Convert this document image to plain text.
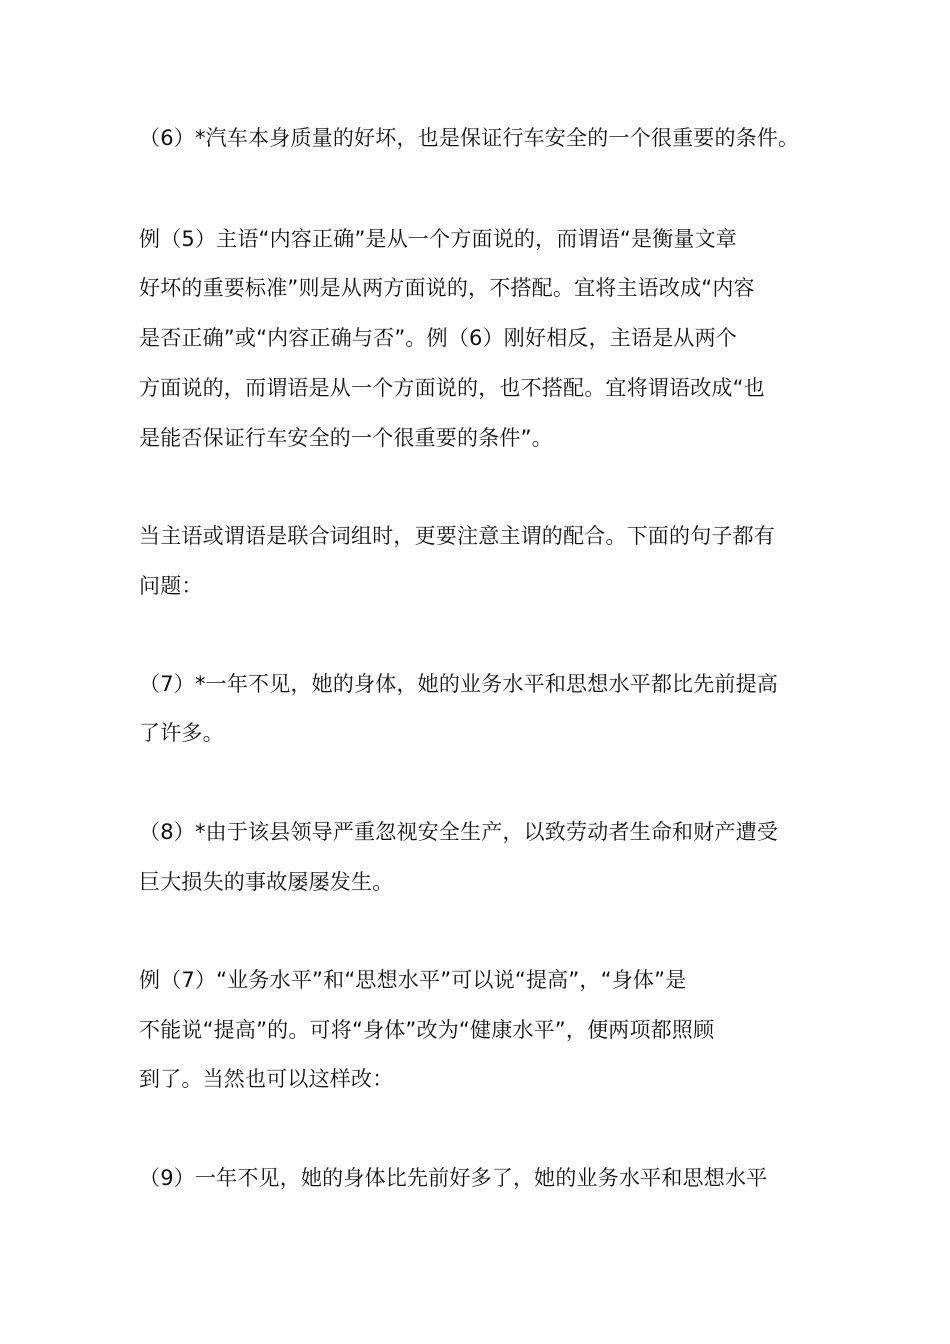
（6）*汽车本身质量的好坏，也是保证行车安全的一个很重要的条件。
例（5）主语“内容正确”是从一个方面说的，而谓语“是衡量文章
好坏的重要标准”则是从两方面说的，不搭配。宜将主语改成“内容
是否正确”或“内容正确与否”。例（6）刚好相反，主语是从两个
方面说的，而谓语是从一个方面说的，也不搭配。宜将谓语改成“也
是能否保证行车安全的一个很重要的条件”。
当主语或谓语是联合词组时，更要注意主谓的配合。下面的句子都有
问题：
（7）*一年不见，她的身体，她的业务水平和思想水平都比先前提高
了许多。
（8）*由于该县领导严重忽视安全生产，以致劳动者生命和财产遭受
巨大损失的事故屡屡发生。
例（7）“业务水平”和“思想水平”可以说“提高”，“身体”是
不能说“提高”的。可将“身体”改为“健康水平”，便两项都照顾
到了。当然也可以这样改：
（9）一年不见，她的身体比先前好多了，她的业务水平和思想水平
